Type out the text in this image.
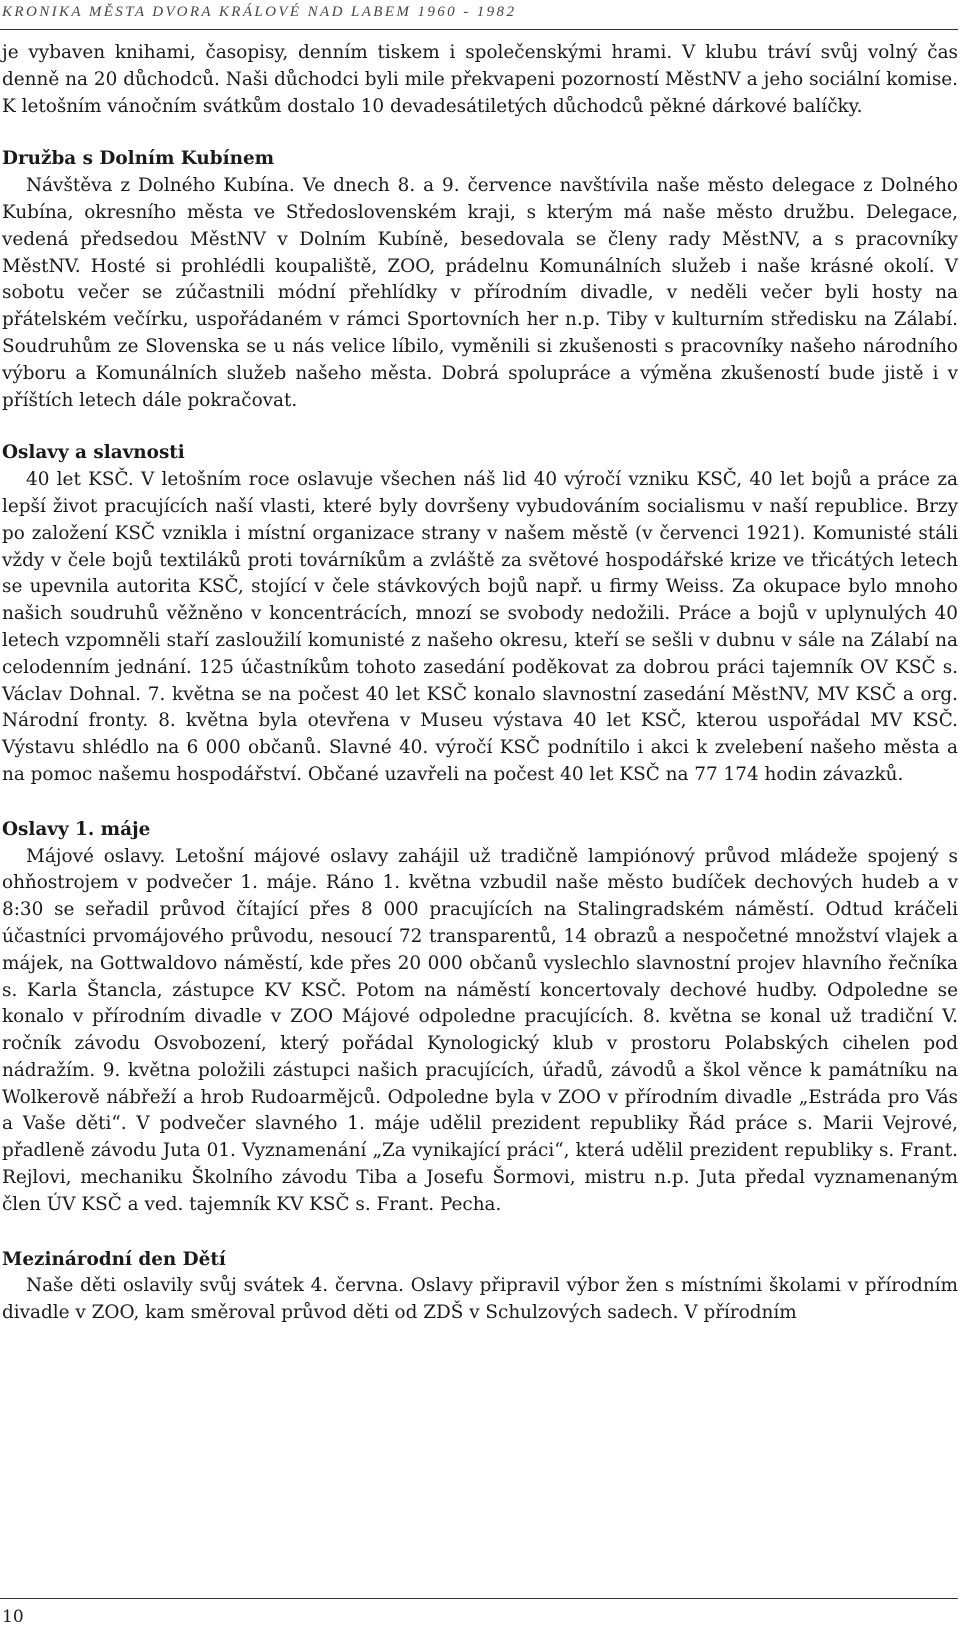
KRONIKA MĚSTA DVORA KRÁLOVÉ NAD LABEM 1960 - 1982

je vybaven knihami, časopisy, denním tiskem i společenskými hrami. V klubu tráví svůj volný čas denně na 20 důchodců. Naši důchodci byli mile překvapeni pozorností MěstNV a jeho sociální komise. K letošním vánočním svátkům dostalo 10 devadesátiletých důchodců pěkné dárkové balíčky.

Družba s Dolním Kubínem

Návštěva z Dolného Kubína. Ve dnech 8. a 9. července navštívila naše město delegace z Dolného Kubína, okresního města ve Středoslovenském kraji, s kterým má naše město družbu. Delegace, vedená předsedou MěstNV v Dolním Kubíně, besedovala se členy rady MěstNV, a s pracovníky MěstNV. Hosté si prohlédli koupaliště, ZOO, prádelnu Komunálních služeb i naše krásné okolí. V sobotu večer se zúčastnili módní přehlídky v přírodním divadle, v neděli večer byli hosty na přátelském večírku, uspořádaném v rámci Sportovních her n.p. Tiby v kulturním středisku na Zálabí. Soudruhům ze Slovenska se u nás velice líbilo, vyměnili si zkušenosti s pracovníky našeho národního výboru a Komunálních služeb našeho města. Dobrá spolupráce a výměna zkušeností bude jistě i v příštích letech dále pokračovat.

Oslavy a slavnosti

40 let KSČ. V letošním roce oslavuje všechen náš lid 40 výročí vzniku KSČ, 40 let bojů a práce za lepší život pracujících naší vlasti, které byly dovršeny vybudováním socialismu v naší republice. Brzy po založení KSČ vznikla i místní organizace strany v našem městě (v červenci 1921). Komunisté stáli vždy v čele bojů textiláků proti továrníkům a zvláště za světové hospodářské krize ve třicátých letech se upevnila autorita KSČ, stojící v čele stávkových bojů např. u firmy Weiss. Za okupace bylo mnoho našich soudruhů věžněno v koncentrácích, mnozí se svobody nedožili. Práce a bojů v uplynulých 40 letech vzpomněli staří zasloužilí komunisté z našeho okresu, kteří se sešli v dubnu v sále na Zálabí na celodenním jednání. 125 účastníkům tohoto zasedání poděkovat za dobrou práci tajemník OV KSČ s. Václav Dohnal. 7. května se na počest 40 let KSČ konalo slavnostní zasedání MěstNV, MV KSČ a org. Národní fronty. 8. května byla otevřena v Museu výstava 40 let KSČ, kterou uspořádal MV KSČ. Výstavu shlédlo na 6 000 občanů. Slavné 40. výročí KSČ podnítilo i akci k zvelebení našeho města a na pomoc našemu hospodářství. Občané uzavřeli na počest 40 let KSČ na 77 174 hodin závazků.

Oslavy 1. máje

Májové oslavy. Letošní májové oslavy zahájil už tradičně lampiónový průvod mládeže spojený s ohňostrojem v podvečer 1. máje. Ráno 1. května vzbudil naše město budíček dechových hudeb a v 8:30 se seřadil průvod čítající přes 8 000 pracujících na Stalingradském náměstí. Odtud kráčeli účastníci prvomájového průvodu, nesoucí 72 transparentů, 14 obrazů a nespočetné množství vlajek a májek, na Gottwaldovo náměstí, kde přes 20 000 občanů vyslechlo slavnostní projev hlavního řečníka s. Karla Štancla, zástupce KV KSČ. Potom na náměstí koncertovaly dechové hudby. Odpoledne se konalo v přírodním divadle v ZOO Májové odpoledne pracujících. 8. května se konal už tradiční V. ročník závodu Osvobození, který pořádal Kynologický klub v prostoru Polabských cihelen pod nádražím. 9. května položili zástupci našich pracujících, úřadů, závodů a škol věnce k památníku na Wolkerově nábřeží a hrob Rudoarmějců. Odpoledne byla v ZOO v přírodním divadle „Estráda pro Vás a Vaše děti“. V podvečer slavného 1. máje udělil prezident republiky Řád práce s. Marii Vejrové, přadleně závodu Juta 01. Vyznamenání „Za vynikající práci“, která udělil prezident republiky s. Frant. Rejlovi, mechaniku Školního závodu Tiba a Josefu Šormovi, mistru n.p. Juta předal vyznamenaným člen ÚV KSČ a ved. tajemník KV KSČ s. Frant. Pecha.

Mezinárodní den Dětí

Naše děti oslavily svůj svátek 4. června. Oslavy připravil výbor žen s místními školami v přírodním divadle v ZOO, kam směroval průvod děti od ZDŠ v Schulzových sadech. V přírodním

10
